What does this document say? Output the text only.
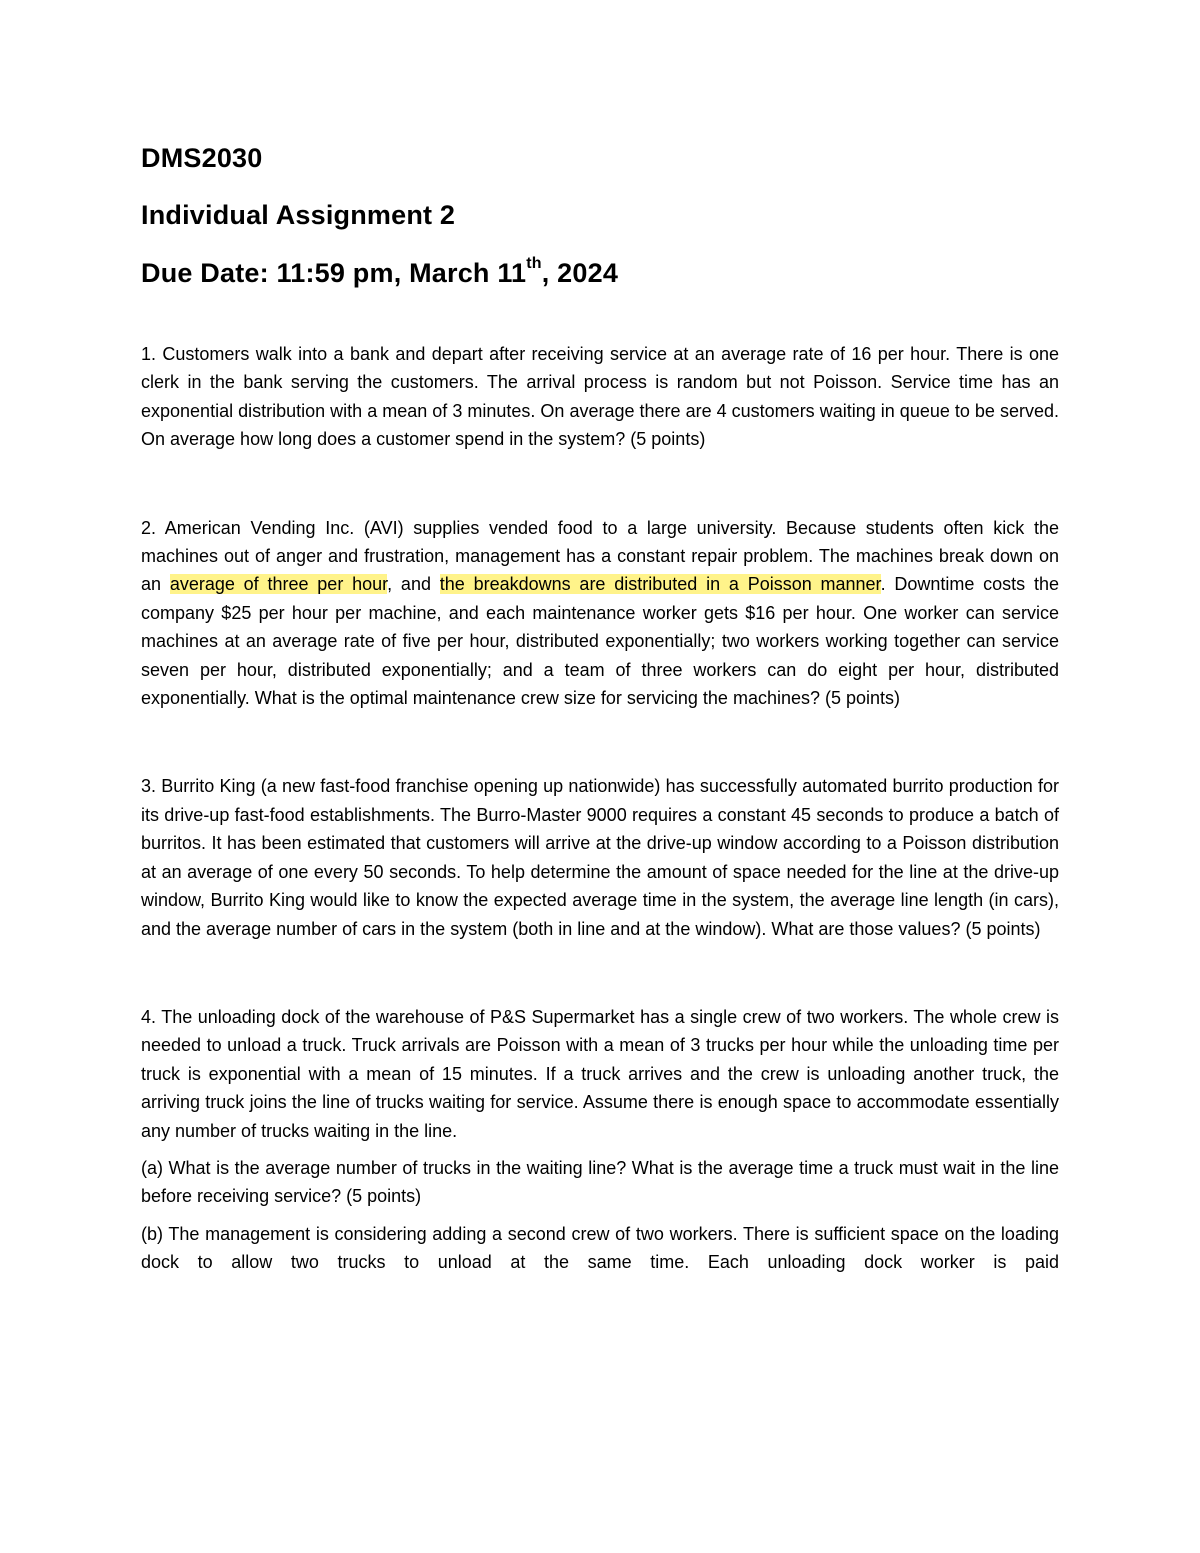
DMS2030
Individual Assignment 2
Due Date: 11:59 pm, March 11th, 2024

1. Customers walk into a bank and depart after receiving service at an average rate of 16 per hour. There is one clerk in the bank serving the customers. The arrival process is random but not Poisson. Service time has an exponential distribution with a mean of 3 minutes. On average there are 4 customers waiting in queue to be served. On average how long does a customer spend in the system? (5 points)

2. American Vending Inc. (AVI) supplies vended food to a large university. Because students often kick the machines out of anger and frustration, management has a constant repair problem. The machines break down on an average of three per hour, and the breakdowns are distributed in a Poisson manner. Downtime costs the company $25 per hour per machine, and each maintenance worker gets $16 per hour. One worker can service machines at an average rate of five per hour, distributed exponentially; two workers working together can service seven per hour, distributed exponentially; and a team of three workers can do eight per hour, distributed exponentially. What is the optimal maintenance crew size for servicing the machines? (5 points)

3. Burrito King (a new fast-food franchise opening up nationwide) has successfully automated burrito production for its drive-up fast-food establishments. The Burro-Master 9000 requires a constant 45 seconds to produce a batch of burritos. It has been estimated that customers will arrive at the drive-up window according to a Poisson distribution at an average of one every 50 seconds. To help determine the amount of space needed for the line at the drive-up window, Burrito King would like to know the expected average time in the system, the average line length (in cars), and the average number of cars in the system (both in line and at the window). What are those values? (5 points)

4. The unloading dock of the warehouse of P&S Supermarket has a single crew of two workers. The whole crew is needed to unload a truck. Truck arrivals are Poisson with a mean of 3 trucks per hour while the unloading time per truck is exponential with a mean of 15 minutes. If a truck arrives and the crew is unloading another truck, the arriving truck joins the line of trucks waiting for service. Assume there is enough space to accommodate essentially any number of trucks waiting in the line.

(a) What is the average number of trucks in the waiting line? What is the average time a truck must wait in the line before receiving service? (5 points)

(b) The management is considering adding a second crew of two workers. There is sufficient space on the loading dock to allow two trucks to unload at the same time. Each unloading dock worker is paid
